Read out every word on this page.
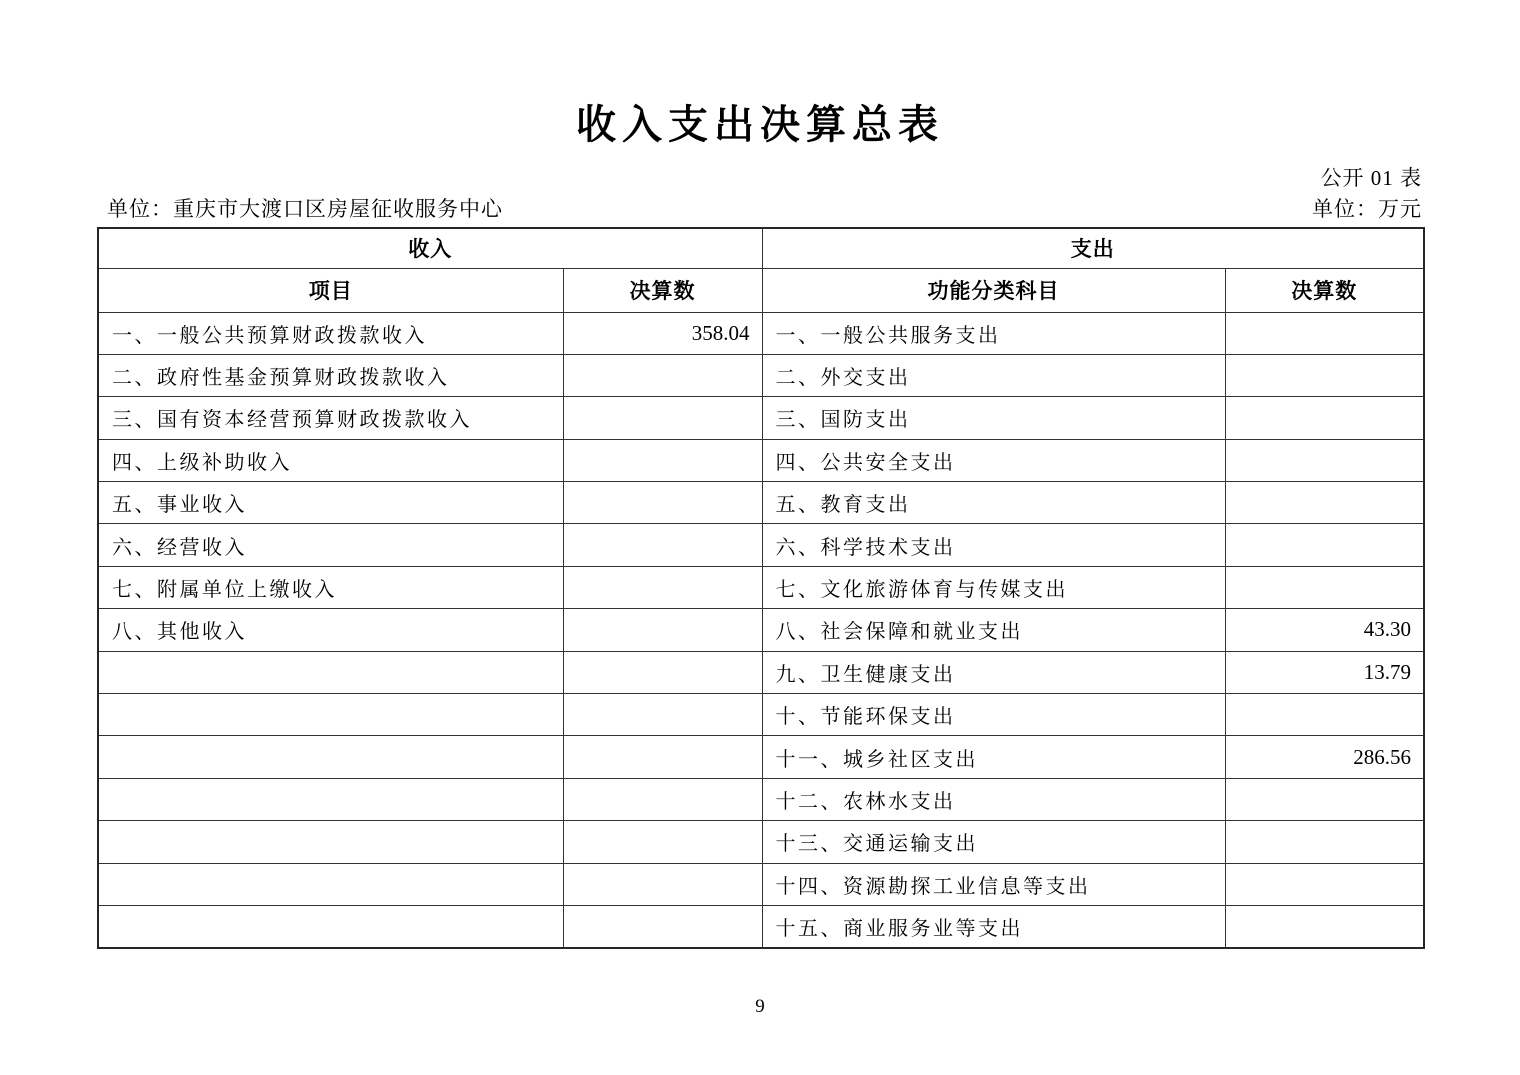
收入支出决算总表
公开 01 表
单位：重庆市大渡口区房屋征收服务中心	单位：万元
收入		支出	
项目	决算数	功能分类科目	决算数
一、一般公共预算财政拨款收入	358.04	一、一般公共服务支出	
二、政府性基金预算财政拨款收入		二、外交支出	
三、国有资本经营预算财政拨款收入		三、国防支出	
四、上级补助收入		四、公共安全支出	
五、事业收入		五、教育支出	
六、经营收入		六、科学技术支出	
七、附属单位上缴收入		七、文化旅游体育与传媒支出	
八、其他收入		八、社会保障和就业支出	43.30
		九、卫生健康支出	13.79
		十、节能环保支出	
		十一、城乡社区支出	286.56
		十二、农林水支出	
		十三、交通运输支出	
		十四、资源勘探工业信息等支出	
		十五、商业服务业等支出	
9
